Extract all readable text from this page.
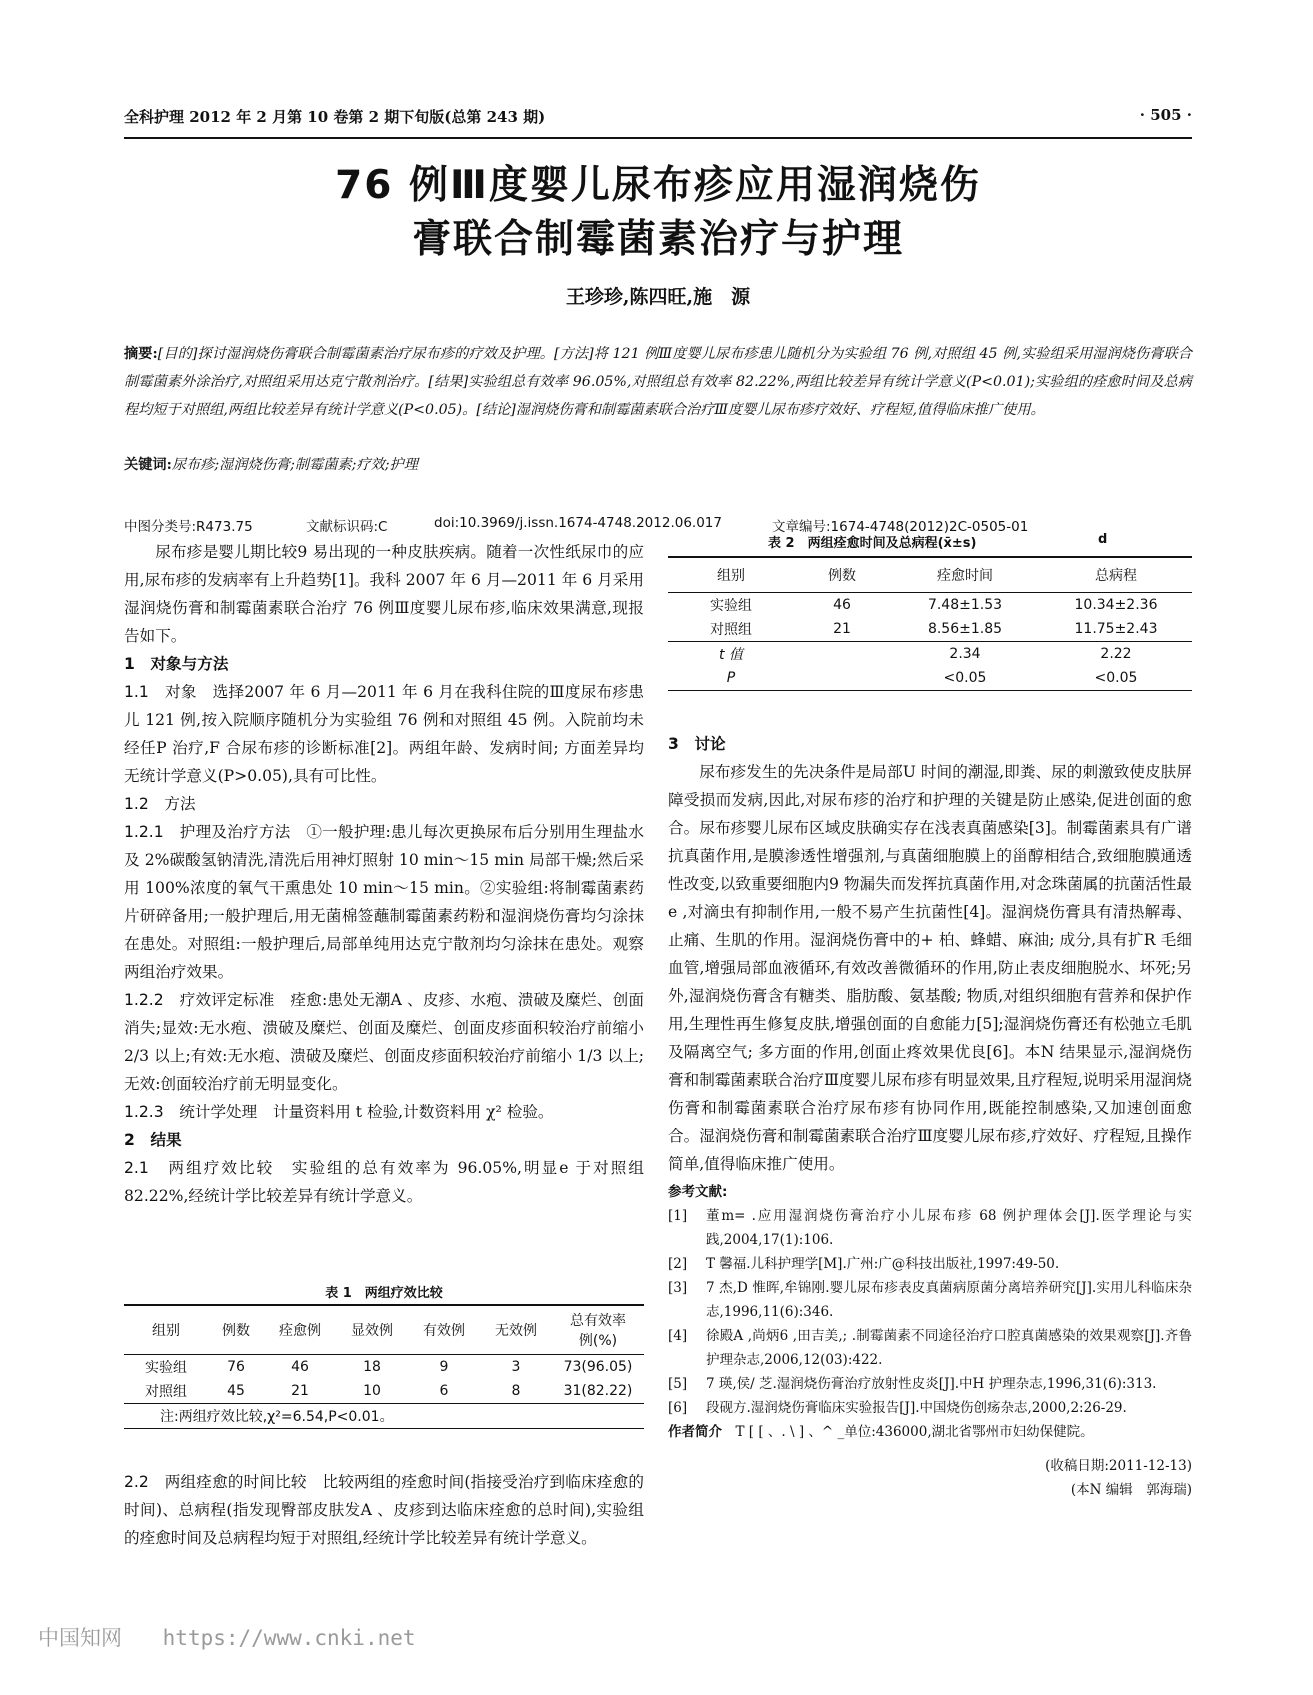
全科护理 2012 年 2 月第 10 卷第 2 期下旬版(总第 243 期)	· 505 ·
76 例Ⅲ度婴儿尿布疹应用湿润烧伤
膏联合制霉菌素治疗与护理
王珍珍,陈四旺,施　源
摘要:[目的]探讨湿润烧伤膏联合制霉菌素治疗尿布疹的疗效及护理。[方法]将 121 例Ⅲ度婴儿尿布疹患儿随机分为实验组 76 例,对照组 45 例,实验组采用湿润烧伤膏联合制霉菌素外涂治疗,对照组采用达克宁散剂治疗。[结果]实验组总有效率 96.05%,对照组总有效率 82.22%,两组比较差异有统计学意义(P<0.01);实验组的痊愈时间及总病程均短于对照组,两组比较差异有统计学意义(P<0.05)。[结论]湿润烧伤膏和制霉菌素联合治疗Ⅲ度婴儿尿布疹疗效好、疗程短,值得临床推广使用。
关键词:尿布疹;湿润烧伤膏;制霉菌素;疗效;护理
中图分类号:R473.75	文献标识码:C	doi:10.3969/j.issn.1674-4748.2012.06.017	文章编号:1674-4748(2012)2C-0505-01

尿布疹是婴儿期比较9 易出现的一种皮肤疾病。随着一次性纸尿巾的应用,尿布疹的发病率有上升趋势[1]。我科 2007 年 6 月—2011 年 6 月采用湿润烧伤膏和制霉菌素联合治疗 76 例Ⅲ度婴儿尿布疹,临床效果满意,现报告如下。

1　对象与方法

1.1　对象　选择2007 年 6 月—2011 年 6 月在我科住院的Ⅲ度尿布疹患儿 121 例,按入院顺序随机分为实验组 76 例和对照组 45 例。入院前均未经任P 治疗,F 合尿布疹的诊断标准[2]。两组年龄、发病时间; 方面差异均无统计学意义(P>0.05),具有可比性。

1.2　方法

1.2.1　护理及治疗方法　①一般护理:患儿每次更换尿布后分别用生理盐水及 2%碳酸氢钠清洗,清洗后用神灯照射 10 min～15 min 局部干燥;然后采用 100%浓度的氧气干熏患处 10 min～15 min。②实验组:将制霉菌素药片研碎备用;一般护理后,用无菌棉签蘸制霉菌素药粉和湿润烧伤膏均匀涂抹在患处。对照组:一般护理后,局部单纯用达克宁散剂均匀涂抹在患处。观察两组治疗效果。

1.2.2　疗效评定标准　痊愈:患处无潮A 、皮疹、水疱、溃破及糜烂、创面消失;显效:无水疱、溃破及糜烂、创面及糜烂、创面皮疹面积较治疗前缩小 2/3 以上;有效:无水疱、溃破及糜烂、创面皮疹面积较治疗前缩小 1/3 以上;无效:创面较治疗前无明显变化。

1.2.3　统计学处理　计量资料用 t 检验,计数资料用 χ² 检验。

2　结果

2.1　两组疗效比较　实验组的总有效率为 96.05%,明显e 于对照组 82.22%,经统计学比较差异有统计学意义。

表 1　两组疗效比较
组别	例数	痊愈例	显效例	有效例	无效例	总有效率例(%)
实验组	76	46	18	9	3	73(96.05)
对照组	45	21	10	6	8	31(82.22)
注:两组疗效比较,χ²=6.54,P<0.01。						

2.2　两组痊愈的时间比较　比较两组的痊愈时间(指接受治疗到临床痊愈的时间)、总病程(指发现臀部皮肤发A 、皮疹到达临床痊愈的总时间),实验组的痊愈时间及总病程均短于对照组,经统计学比较差异有统计学意义。

表 2　两组痊愈时间及总病程(x̄±s)	d
组别	例数	痊愈时间	总病程
实验组	46	7.48±1.53	10.34±2.36
对照组	21	8.56±1.85	11.75±2.43
t 值		2.34	2.22
P		<0.05	<0.05

3　讨论

尿布疹发生的先决条件是局部U 时间的潮湿,即粪、尿的刺激致使皮肤屏障受损而发病,因此,对尿布疹的治疗和护理的关键是防止感染,促进创面的愈合。尿布疹婴儿尿布区域皮肤确实存在浅表真菌感染[3]。制霉菌素具有广谱抗真菌作用,是膜渗透性增强剂,与真菌细胞膜上的甾醇相结合,致细胞膜通透性改变,以致重要细胞内9 物漏失而发挥抗真菌作用,对念珠菌属的抗菌活性最e ,对滴虫有抑制作用,一般不易产生抗菌性[4]。湿润烧伤膏具有清热解毒、止痛、生肌的作用。湿润烧伤膏中的+ 柏、蜂蜡、麻油; 成分,具有扩R 毛细血管,增强局部血液循环,有效改善微循环的作用,防止表皮细胞脱水、坏死;另外,湿润烧伤膏含有糖类、脂肪酸、氨基酸; 物质,对组织细胞有营养和保护作用,生理性再生修复皮肤,增强创面的自愈能力[5];湿润烧伤膏还有松弛立毛肌及隔离空气; 多方面的作用,创面止疼效果优良[6]。本N 结果显示,湿润烧伤膏和制霉菌素联合治疗Ⅲ度婴儿尿布疹有明显效果,且疗程短,说明采用湿润烧伤膏和制霉菌素联合治疗尿布疹有协同作用,既能控制感染,又加速创面愈合。湿润烧伤膏和制霉菌素联合治疗Ⅲ度婴儿尿布疹,疗效好、疗程短,且操作简单,值得临床推广使用。

参考文献:
[1]	董m= .应用湿润烧伤膏治疗小儿尿布疹 68 例护理体会[J].医学理论与实践,2004,17(1):106.
[2]	T 馨福.儿科护理学[M].广州:广@科技出版社,1997:49-50.
[3]	7 杰,D 惟晖,牟锦刚.婴儿尿布疹表皮真菌病原菌分离培养研究[J].实用儿科临床杂志,1996,11(6):346.
[4]	徐殿A ,尚炳6 ,田吉美,; .制霉菌素不同途径治疗口腔真菌感染的效果观察[J].齐鲁护理杂志,2006,12(03):422.
[5]	7 瑛,侯/ 芝.湿润烧伤膏治疗放射性皮炎[J].中H 护理杂志,1996,31(6):313.
[6]	段砚方.湿润烧伤膏临床实验报告[J].中国烧伤创疡杂志,2000,2:26-29.
作者简介　T [ [ 、. \ ] 、^ _单位:436000,湖北省鄂州市妇幼保健院。
(收稿日期:2011-12-13)
(本N 编辑　郭海瑞)
中国知网 https://www.cnki.net
